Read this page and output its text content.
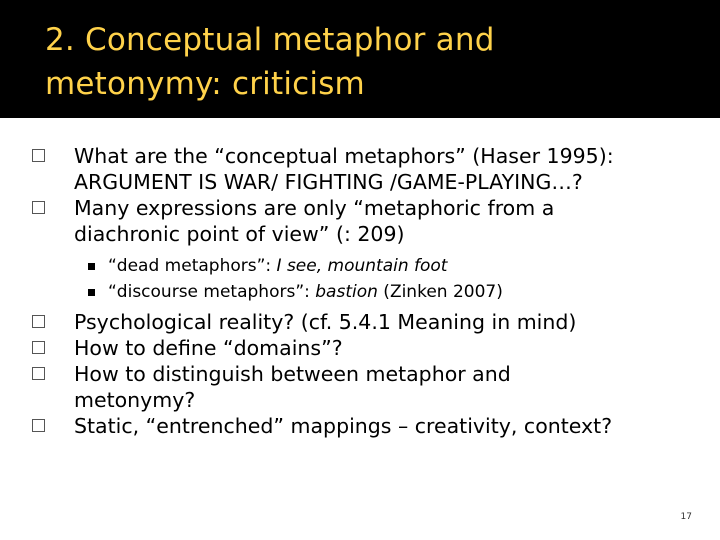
2. Conceptual metaphor and
metonymy: criticism
What are the “conceptual metaphors” (Haser 1995):
ARGUMENT IS WAR/ FIGHTING /GAME-PLAYING…?
Many expressions are only “metaphoric from a
diachronic point of view” (: 209)
“dead metaphors”: I see, mountain foot
“discourse metaphors”: bastion (Zinken 2007)
Psychological reality? (cf. 5.4.1 Meaning in mind)
How to define “domains”?
How to distinguish between metaphor and
metonymy?
Static, “entrenched” mappings – creativity, context?
17
